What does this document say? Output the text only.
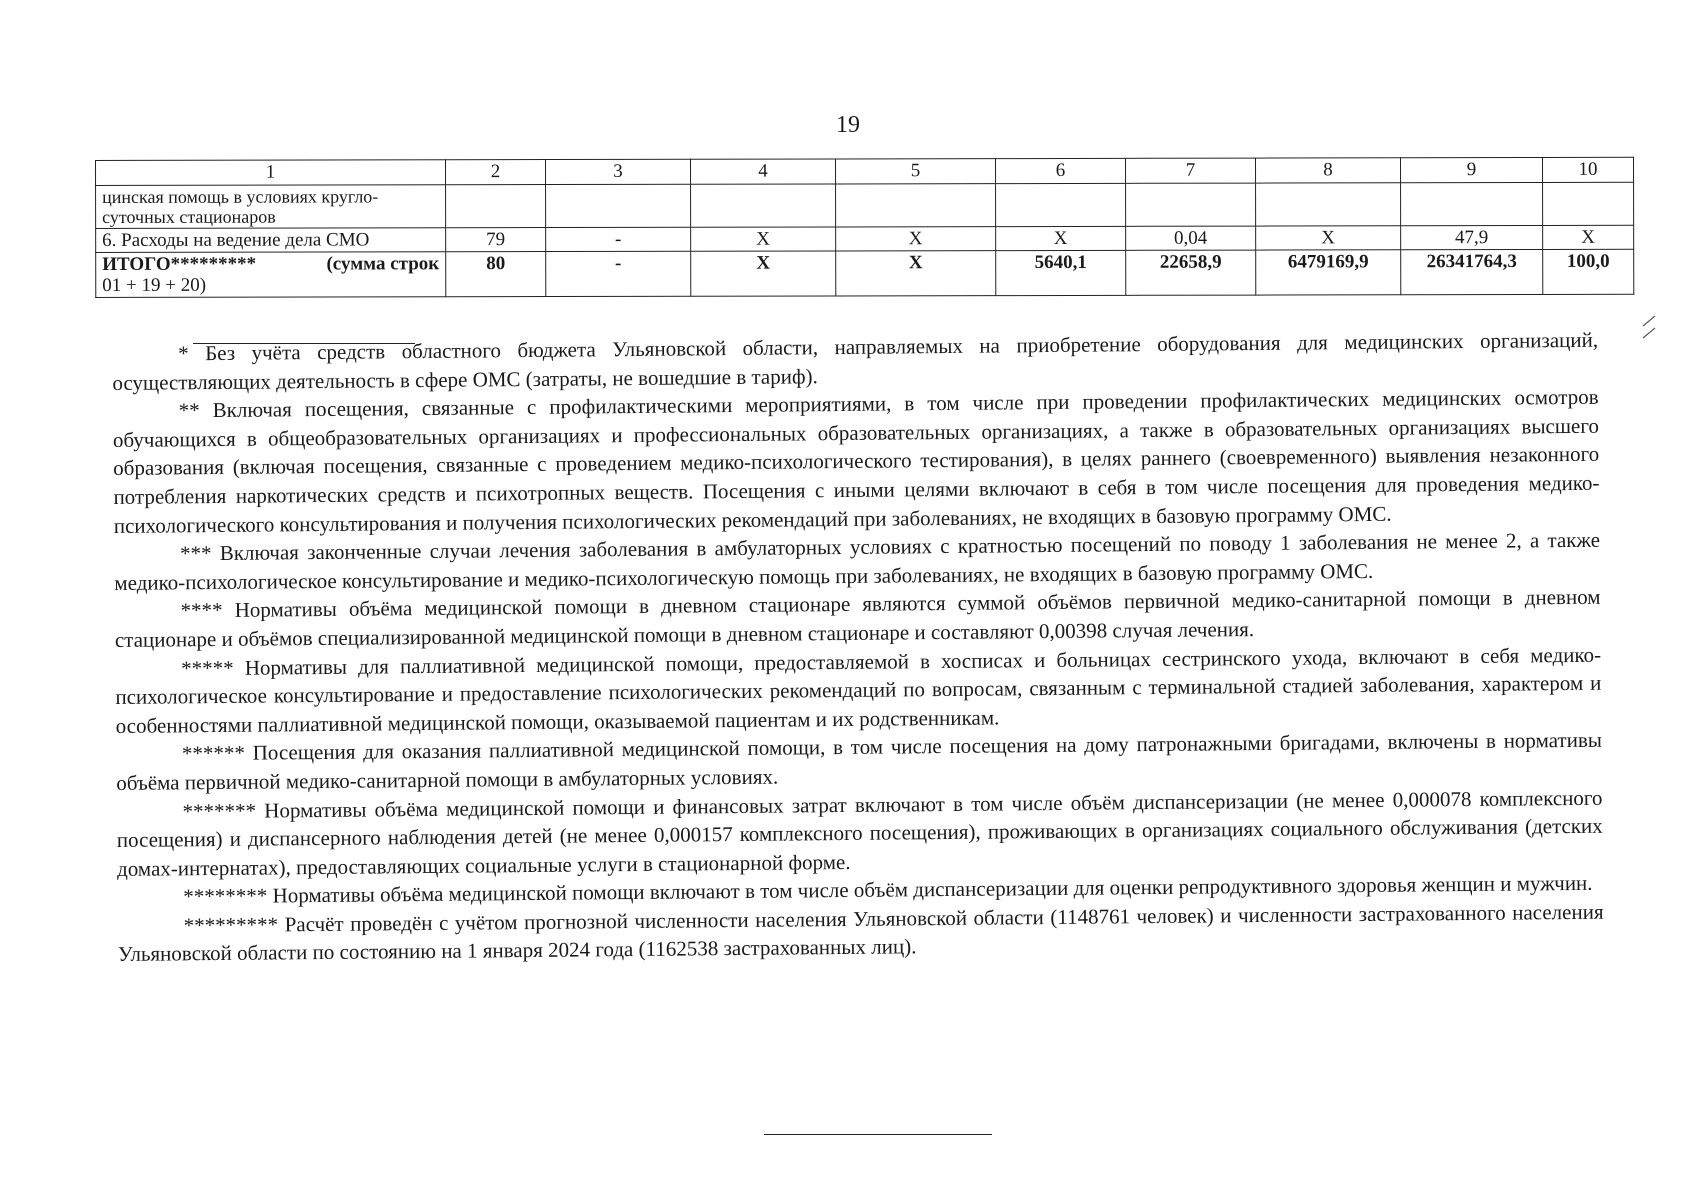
19
1	2	3	4	5	6	7	8	9	10
цинская помощь в условиях кругло-суточных стационаров									
6. Расходы на ведение дела СМО	79	-	X	X	X	0,04	X	47,9	X

ИТОГО********* (сумма строк
01 + 19 + 20)	80	-	X	X	5640,1	22658,9	6479169,9	26341764,3	100,0

* Без учёта средств областного бюджета Ульяновской области, направляемых на приобретение оборудования для медицинских организаций, осуществляющих деятельность в сфере ОМС (затраты, не вошедшие в тариф).

** Включая посещения, связанные с профилактическими мероприятиями, в том числе при проведении профилактических медицинских осмотров обучающихся в общеобразовательных организациях и профессиональных образовательных организациях, а также в образовательных организациях высшего образования (включая посещения, связанные с проведением медико-психологического тестирования), в целях раннего (своевременного) выявления незаконного потребления наркотических средств и психотропных веществ. Посещения с иными целями включают в себя в том числе посещения для проведения медико-психологического консультирования и получения психологических рекомендаций при заболеваниях, не входящих в базовую программу ОМС.

*** Включая законченные случаи лечения заболевания в амбулаторных условиях с кратностью посещений по поводу 1 заболевания не менее 2, а также медико-психологическое консультирование и медико-психологическую помощь при заболеваниях, не входящих в базовую программу ОМС.

**** Нормативы объёма медицинской помощи в дневном стационаре являются суммой объёмов первичной медико-санитарной помощи в дневном стационаре и объёмов специализированной медицинской помощи в дневном стационаре и составляют 0,00398 случая лечения.

***** Нормативы для паллиативной медицинской помощи, предоставляемой в хосписах и больницах сестринского ухода, включают в себя медико-психологическое консультирование и предоставление психологических рекомендаций по вопросам, связанным с терминальной стадией заболевания, характером и особенностями паллиативной медицинской помощи, оказываемой пациентам и их родственникам.

****** Посещения для оказания паллиативной медицинской помощи, в том числе посещения на дому патронажными бригадами, включены в нормативы объёма первичной медико-санитарной помощи в амбулаторных условиях.

******* Нормативы объёма медицинской помощи и финансовых затрат включают в том числе объём диспансеризации (не менее 0,000078 комплексного посещения) и диспансерного наблюдения детей (не менее 0,000157 комплексного посещения), проживающих в организациях социального обслуживания (детских домах-интернатах), предоставляющих социальные услуги в стационарной форме.

******** Нормативы объёма медицинской помощи включают в том числе объём диспансеризации для оценки репродуктивного здоровья женщин и мужчин.

********* Расчёт проведён с учётом прогнозной численности населения Ульяновской области (1148761 человек) и численности застрахованного населения Ульяновской области по состоянию на 1 января 2024 года (1162538 застрахованных лиц).
